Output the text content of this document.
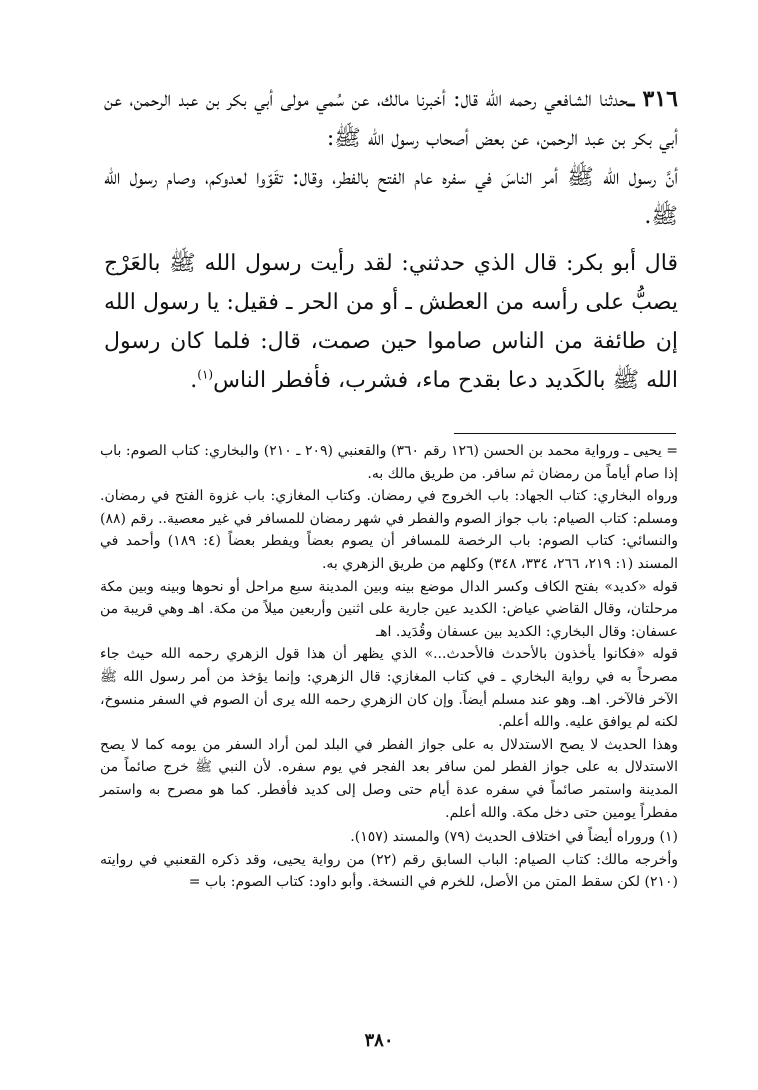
٣١٦ ـحدثنا الشافعي رحمه الله قال: أخبرنا مالك، عن سُمي مولى أبي بكر بن عبد الرحمن، عن أبي بكر بن عبد الرحمن، عن بعض أصحاب رسول الله ﷺ:
أنَّ رسول الله ﷺ أمر الناسَ في سفره عام الفتح بالفطر، وقال: تقَوّوا لعدوكم، وصام رسول الله ﷺ.

قال أبو بكر: قال الذي حدثني: لقد رأيت رسول الله ﷺ بالعَرْج يصبُّ على رأسه من العطش ـ أو من الحر ـ فقيل: يا رسول الله إن طائفة من الناس صاموا حين صمت، قال: فلما كان رسول الله ﷺ بالكَديد دعا بقدح ماء، فشرب، فأفطر الناس$^{(١)}$.

= يحيى ـ ورواية محمد بن الحسن (١٢٦ رقم ٣٦٠) والقعنبي (٢٠٩ ـ ٢١٠) والبخاري: كتاب الصوم: باب إذا صام أياماً من رمضان ثم سافر. من طريق مالك به.

ورواه البخاري: كتاب الجهاد: باب الخروج في رمضان. وكتاب المغازي: باب غزوة الفتح في رمضان. ومسلم: كتاب الصيام: باب جواز الصوم والفطر في شهر رمضان للمسافر في غير معصية.. رقم (٨٨) والنسائي: كتاب الصوم: باب الرخصة للمسافر أن يصوم بعضاً ويفطر بعضاً (٤: ١٨٩) وأحمد في المسند (١: ٢١٩، ٢٦٦، ٣٣٤، ٣٤٨) وكلهم من طريق الزهري به.

قوله «كديد» بفتح الكاف وكسر الدال موضع بينه وبين المدينة سبع مراحل أو نحوها وبينه وبين مكة مرحلتان، وقال القاضي عياض: الكديد عين جارية على اثنين وأربعين ميلاً من مكة. اهـ وهي قريبة من عسفان: وقال البخاري: الكديد بين عسفان وقُدَيد. اهـ

قوله «فكانوا يأخذون بالأحدث فالأحدث...» الذي يظهر أن هذا قول الزهري رحمه الله حيث جاء مصرحاً به في رواية البخاري ـ في كتاب المغازي: قال الزهري: وإنما يؤخذ من أمر رسول الله ﷺ الآخر فالآخر. اهـ. وهو عند مسلم أيضاً. وإن كان الزهري رحمه الله يرى أن الصوم في السفر منسوخ، لكنه لم يوافق عليه. والله أعلم.

وهذا الحديث لا يصح الاستدلال به على جواز الفطر في البلد لمن أراد السفر من يومه كما لا يصح الاستدلال به على جواز الفطر لمن سافر بعد الفجر في يوم سفره. لأن النبي ﷺ خرج صائماً من المدينة واستمر صائماً في سفره عدة أيام حتى وصل إلى كديد فأفطر. كما هو مصرح به واستمر مفطراً يومين حتى دخل مكة. والله أعلم.

(١) وروراه أيضاً في اختلاف الحديث (٧٩) والمسند (١٥٧).

وأخرجه مالك: كتاب الصيام: الباب السابق رقم (٢٢) من رواية يحيى، وقد ذكره القعنبي في روايته (٢١٠) لكن سقط المتن من الأصل، للخرم في النسخة. وأبو داود: كتاب الصوم: باب =

٣٨٠
